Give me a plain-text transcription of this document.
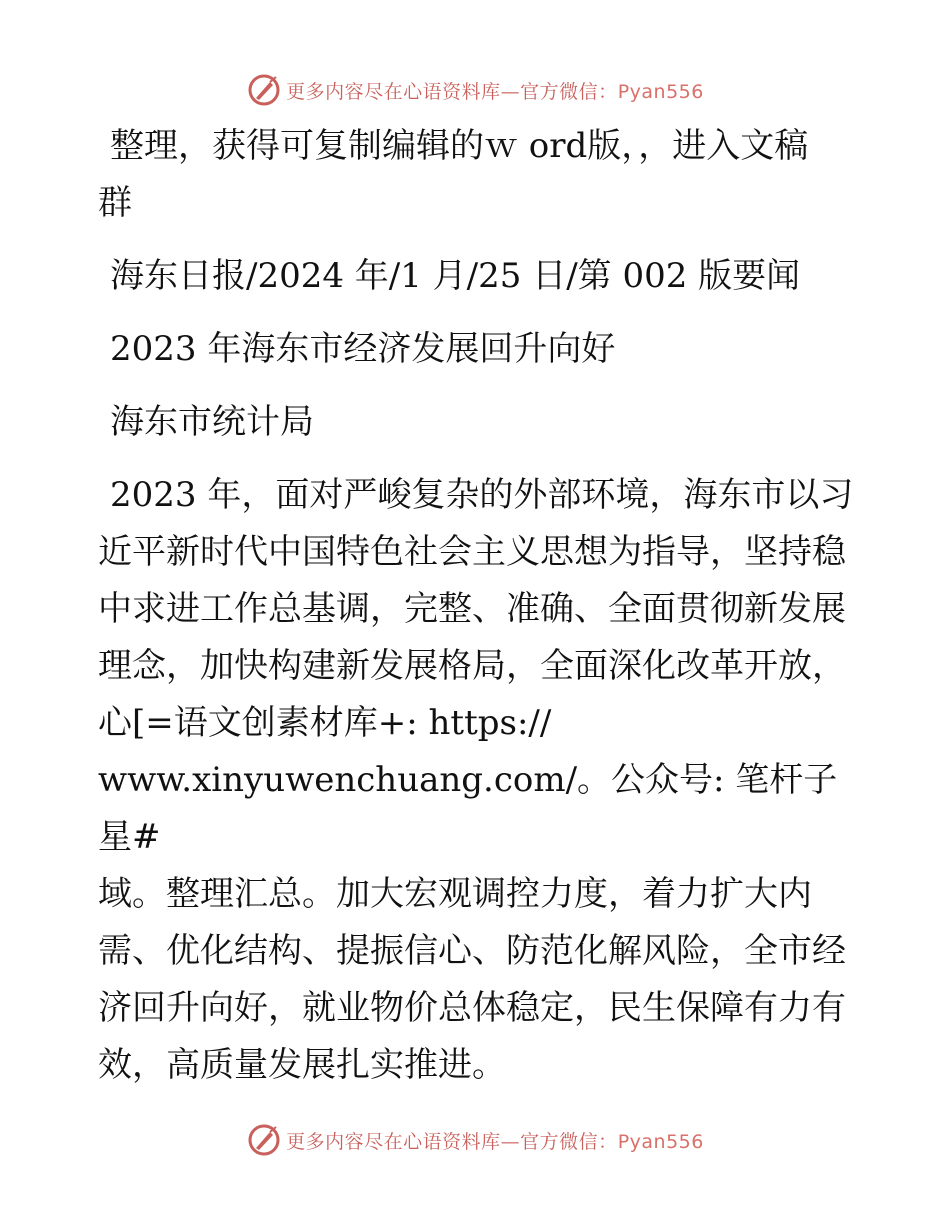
更多内容尽在心语资料库—官方微信：Pyan556

整理，获得可复制编辑的ｗ ord版，，进入文稿

群

海东日报/2024 年/1 月/25 日/第 002 版要闻

2023 年海东市经济发展回升向好

海东市统计局

2023 年，面对严峻复杂的外部环境，海东市以习

近平新时代中国特色社会主义思想为指导，坚持稳

中求进工作总基调，完整、准确、全面贯彻新发展

理念，加快构建新发展格局，全面深化改革开放，

心[=语文创素材库+: https://

www.xinyuwenchuang.com/。公众号: 笔杆子星#

域。整理汇总。加大宏观调控力度，着力扩大内

需、优化结构、提振信心、防范化解风险，全市经

济回升向好，就业物价总体稳定，民生保障有力有

效，高质量发展扎实推进。

更多内容尽在心语资料库—官方微信：Pyan556
